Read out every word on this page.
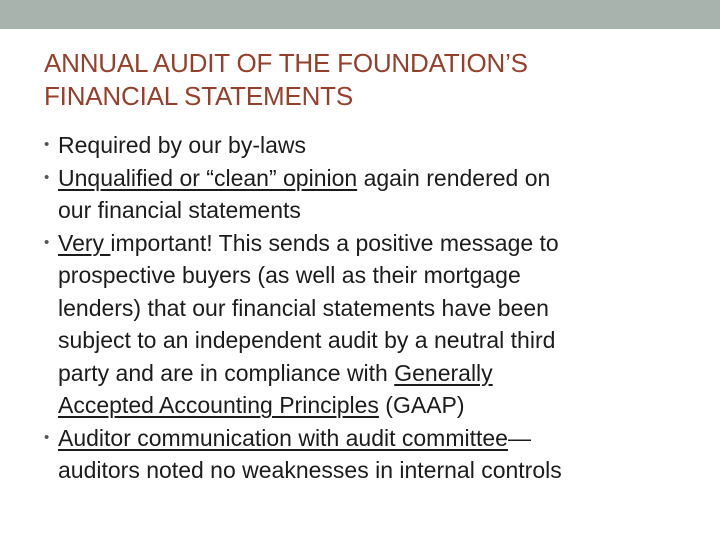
ANNUAL AUDIT OF THE FOUNDATION’S
FINANCIAL STATEMENTS
• Required by our by-laws
• Unqualified or “clean” opinion again rendered on
our financial statements
• Very important! This sends a positive message to
prospective buyers (as well as their mortgage
lenders) that our financial statements have been
subject to an independent audit by a neutral third
party and are in compliance with Generally
Accepted Accounting Principles (GAAP)
• Auditor communication with audit committee—
auditors noted no weaknesses in internal controls
